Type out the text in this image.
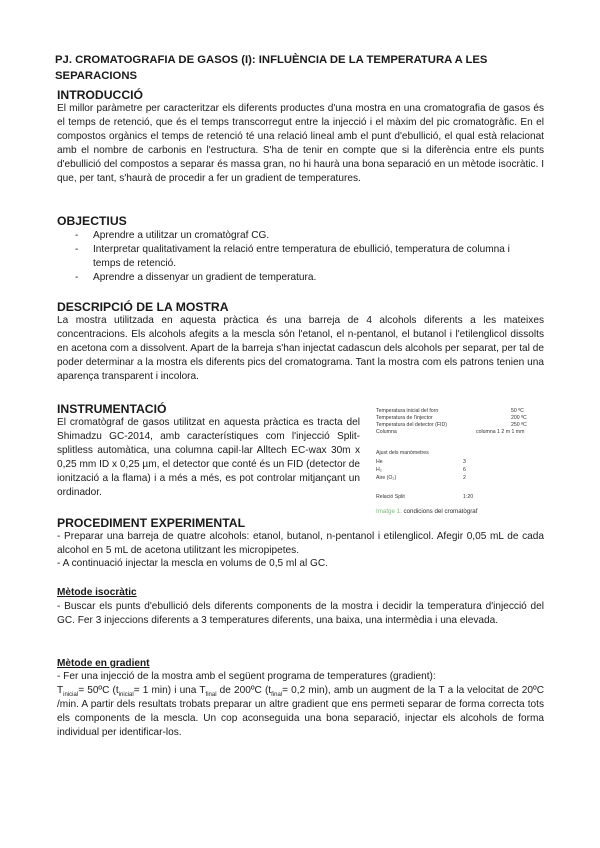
PJ. CROMATOGRAFIA DE GASOS (I): INFLUÈNCIA DE LA TEMPERATURA A LES SEPARACIONS
INTRODUCCIÓ

El millor paràmetre per caracteritzar els diferents productes d'una mostra en una cromatografia de gasos és el temps de retenció, que és el temps transcorregut entre la injecció i el màxim del pic cromatogràfic. En el compostos orgànics el temps de retenció té una relació lineal amb el punt d'ebullició, el qual està relacionat amb el nombre de carbonis en l'estructura. S'ha de tenir en compte que si la diferència entre els punts d'ebullició del compostos a separar és massa gran, no hi haurà una bona separació en un mètode isocràtic. I que, per tant, s'haurà de procedir a fer un gradient de temperatures.

OBJECTIUS
- Aprendre a utilitzar un cromatògraf CG.
- Interpretar qualitativament la relació entre temperatura de ebullició, temperatura de columna i temps de retenció.
- Aprendre a dissenyar un gradient de temperatura.
DESCRIPCIÓ DE LA MOSTRA

La mostra utilitzada en aquesta pràctica és una barreja de 4 alcohols diferents a les mateixes concentracions. Els alcohols afegits a la mescla són l'etanol, el n-pentanol, el butanol i l'etilenglicol dissolts en acetona com a dissolvent. Apart de la barreja s'han injectat cadascun dels alcohols per separat, per tal de poder determinar a la mostra els diferents pics del cromatograma. Tant la mostra com els patrons tenien una aparença transparent i incolora.

INSTRUMENTACIÓ

El cromatògraf de gasos utilitzat en aquesta pràctica es tracta del Shimadzu GC-2014, amb característiques com l'injecció Split-splitless automàtica, una columna capil·lar Alltech EC-wax 30m x 0,25 mm ID x 0,25 µm, el detector que conté és un FID (detector de ionització a la flama) i a més a més, es pot controlar mitjançant un ordinador.

Temperatura inicial del forn	50 ºC
Temperatura de l'injector	200 ºC
Temperatura del detector (FID)	250 ºC
Columna	columna 1 2 m 1 mm
Ajust dels manòmetres
He	3
H₂	6
Aire (O₂)	2
Relació Split	1:20
Imatge 1: condicions del cromatògraf
PROCEDIMENT EXPERIMENTAL
- Preparar una barreja de quatre alcohols: etanol, butanol, n-pentanol i etilenglicol. Afegir 0,05 mL de cada alcohol en 5 mL de acetona utilitzant les micropipetes.
- A continuació injectar la mescla en volums de 0,5 ml al GC.
Mètode isocràtic
- Buscar els punts d'ebullició dels diferents components de la mostra i decidir la temperatura d'injecció del GC. Fer 3 injeccions diferents a 3 temperatures diferents, una baixa, una intermèdia i una elevada.
Mètode en gradient
- Fer una injecció de la mostra amb el següent programa de temperatures (gradient):
$T_{inicial}=$ 50ºC ($t_{inicial}= 1$ min) i una $T_{final}$ de 200ºC ($t_{final}= 0,2$ min), amb un augment de la T a la velocitat de 20ºC /min. A partir dels resultats trobats preparar un altre gradient que ens permeti separar de forma correcta tots els components de la mescla. Un cop aconseguida una bona separació, injectar els alcohols de forma individual per identificar-los.
